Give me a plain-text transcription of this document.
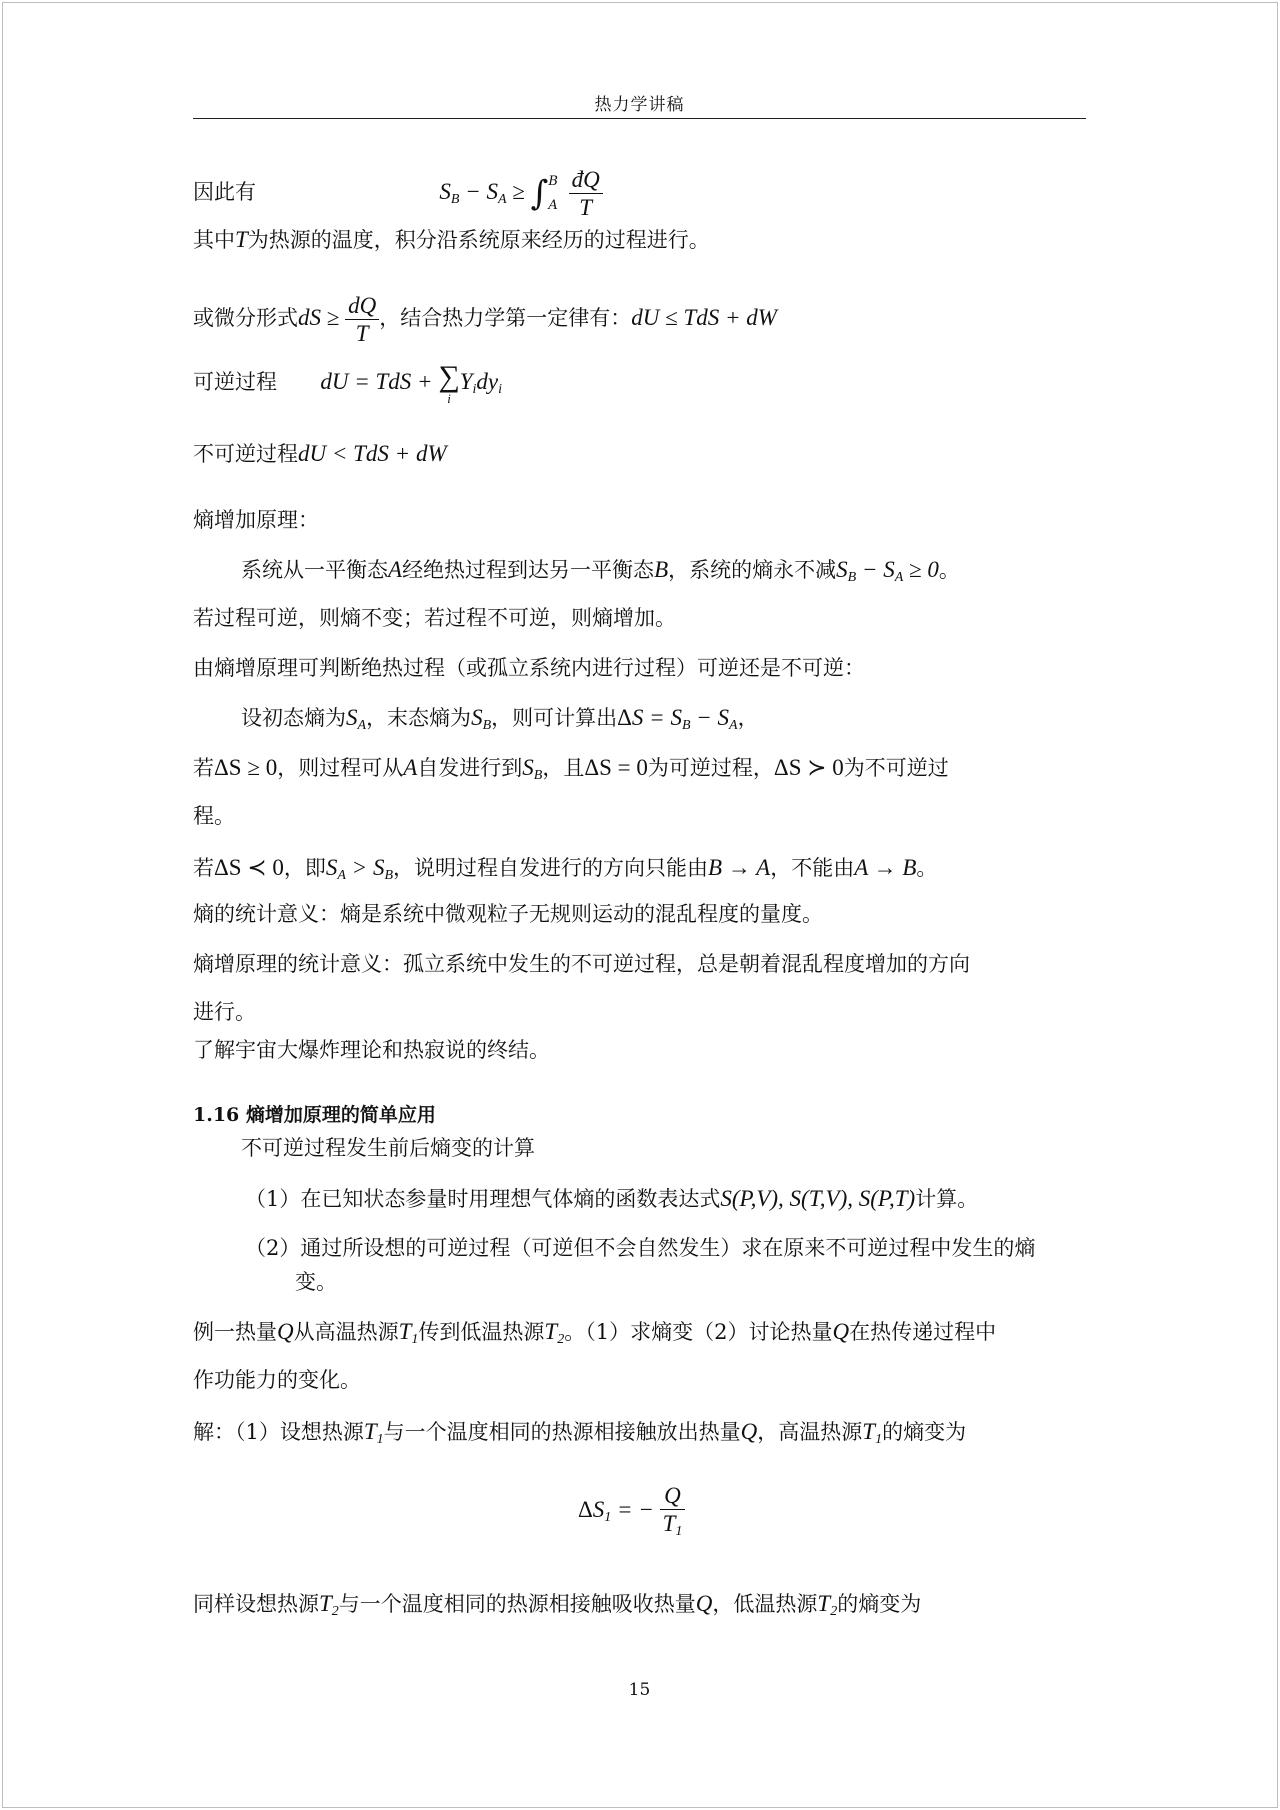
热力学讲稿
因此有	$S_B - S_A$ ≥ ∫ B
A
$\frac{đQ}{T}$
其中T为热源的温度，积分沿系统原来经历的过程进行。
或微分形式dS ≥ $\frac{dQ}{T}$ ，结合热力学第一定律有：dU ≤ TdS + dW
可逆过程 dU = TdS + ∑
i
$Y_idy_i$
不可逆过程dU < TdS + dW
熵增加原理：
系统从一平衡态A经绝热过程到达另一平衡态B，系统的熵永不减$S_B - S_A \ge 0$。
若过程可逆，则熵不变；若过程不可逆，则熵增加。
由熵增原理可判断绝热过程（或孤立系统内进行过程）可逆还是不可逆：
设初态熵为$S_A$，末态熵为$S_B$，则可计算出$\Delta S = S_B - S_A$，
若ΔS ≥ 0，则过程可从A自发进行到$S_B$，且ΔS = 0为可逆过程，ΔS ≻ 0为不可逆过
程。
若ΔS ≺ 0，即$S_A > S_B$，说明过程自发进行的方向只能由B → A，不能由A → B。
熵的统计意义：熵是系统中微观粒子无规则运动的混乱程度的量度。
熵增原理的统计意义：孤立系统中发生的不可逆过程，总是朝着混乱程度增加的方向
进行。
了解宇宙大爆炸理论和热寂说的终结。
1.16 熵增加原理的简单应用
不可逆过程发生前后熵变的计算
（1）在已知状态参量时用理想气体熵的函数表达式S(P,V), S(T,V), S(P,T)计算。
（2）通过所设想的可逆过程（可逆但不会自然发生）求在原来不可逆过程中发生的熵
变。
例一热量Q从高温热源$T_1$传到低温热源$T_2$。（1）求熵变（2）讨论热量Q在热传递过程中
作功能力的变化。
解：（1）设想热源$T_1$与一个温度相同的热源相接触放出热量Q，高温热源$T_1$的熵变为
$\Delta S_1$ = − $\frac{Q}{T_1}$
同样设想热源$T_2$与一个温度相同的热源相接触吸收热量Q，低温热源$T_2$的熵变为
15
